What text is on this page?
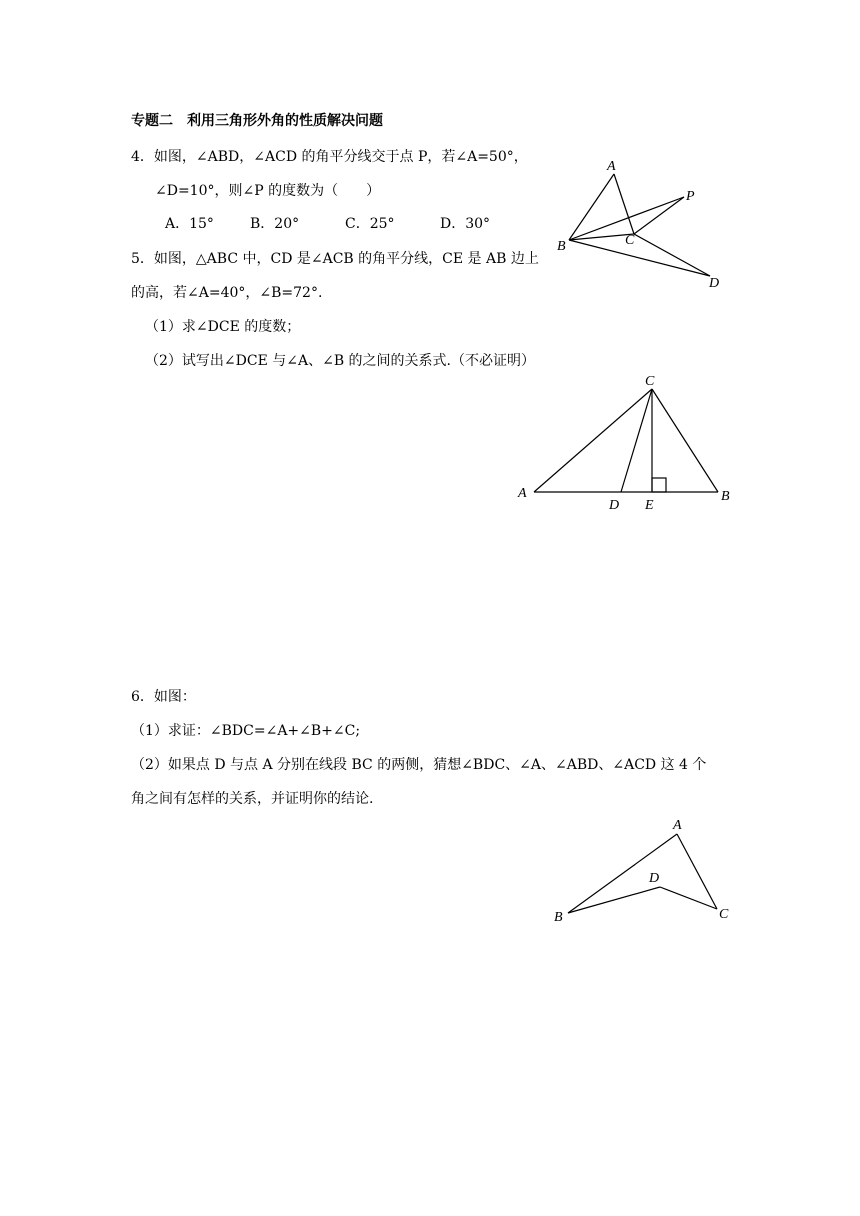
专题二　利用三角形外角的性质解决问题
4．如图，∠ABD，∠ACD 的角平分线交于点 P，若∠A=50°，
∠D=10°，则∠P 的度数为（　　）
A．15°	B．20°	C．25°	D．30°
A
B	C
P
D
5．如图，△ABC 中，CD 是∠ACB 的角平分线，CE 是 AB 边上
的高，若∠A=40°，∠B=72°.
（1）求∠DCE 的度数；
（2）试写出∠DCE 与∠A、∠B 的之间的关系式.（不必证明）
C
A
D E
B
6．如图：
（1）求证：∠BDC=∠A+∠B+∠C;
（2）如果点 D 与点 A 分别在线段 BC 的两侧，猜想∠BDC、∠A、∠ABD、∠ACD 这 4 个
角之间有怎样的关系，并证明你的结论.
A
D
B	C
